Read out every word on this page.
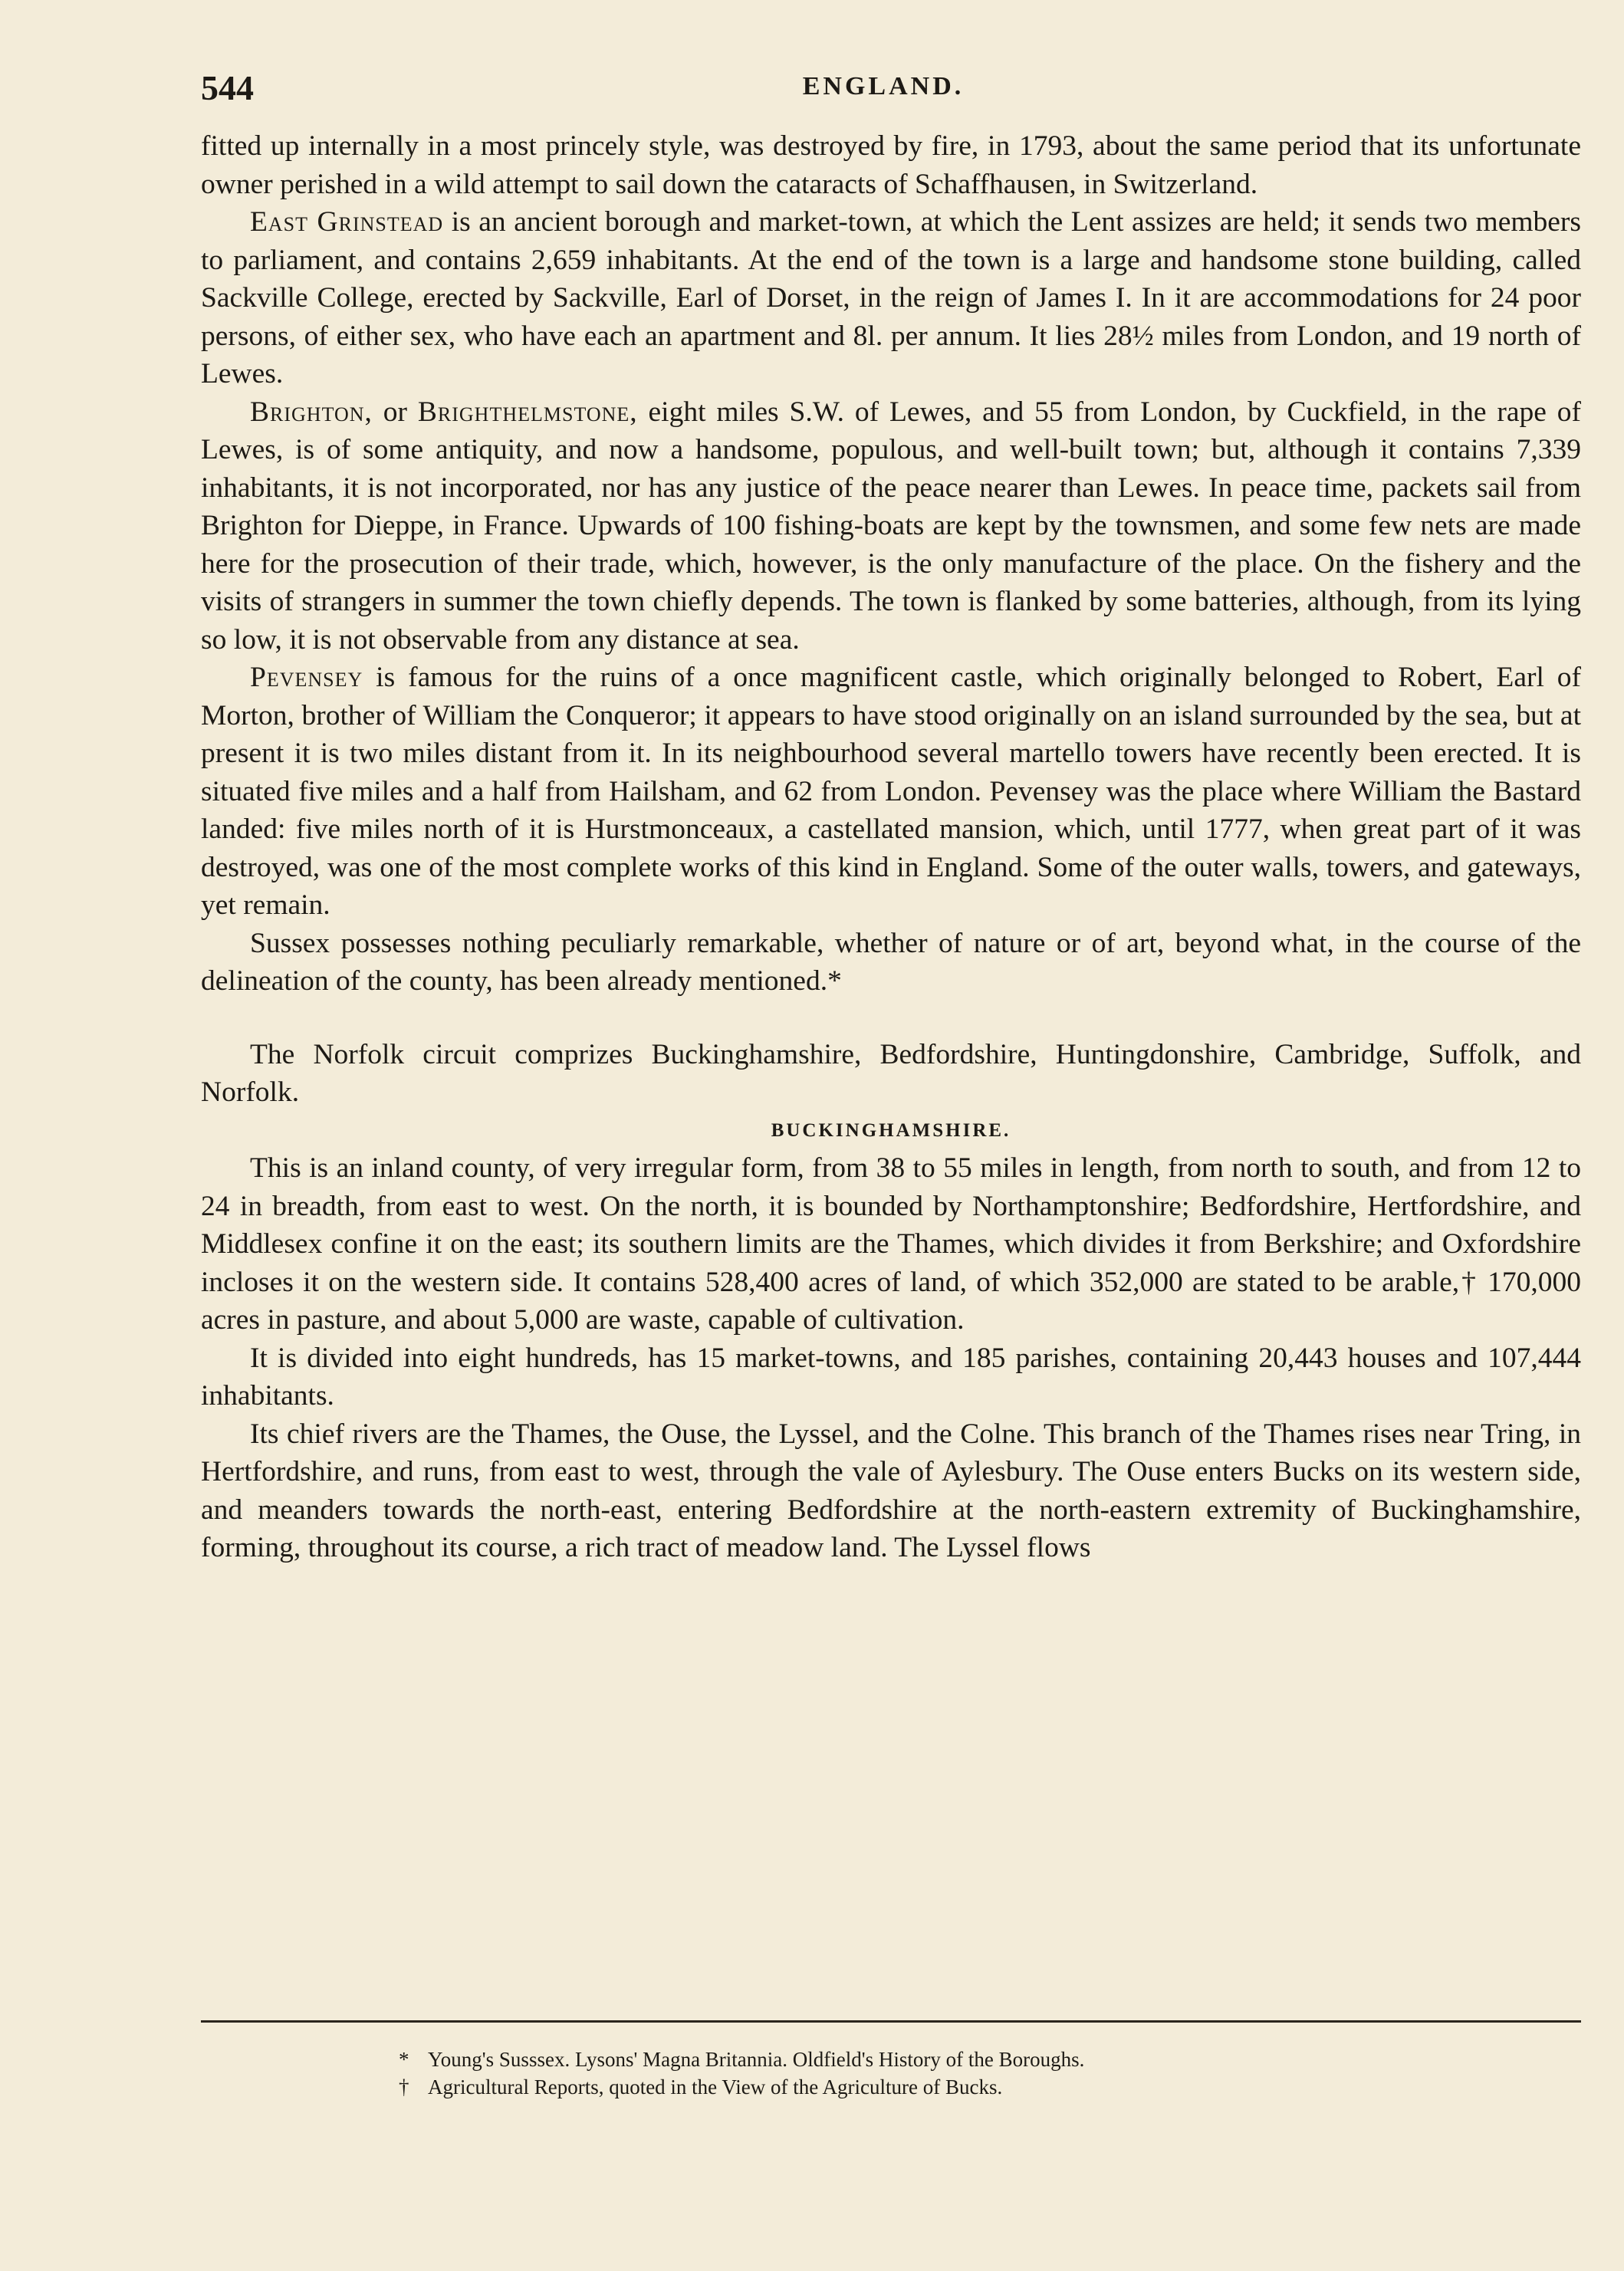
544	ENGLAND.

fitted up internally in a most princely style, was destroyed by fire, in 1793, about the same period that its unfortunate owner perished in a wild attempt to sail down the cataracts of Schaffhausen, in Switzerland.

East Grinstead is an ancient borough and market-town, at which the Lent assizes are held; it sends two members to parliament, and contains 2,659 inhabitants. At the end of the town is a large and handsome stone building, called Sackville College, erected by Sackville, Earl of Dorset, in the reign of James I. In it are accommodations for 24 poor persons, of either sex, who have each an apartment and 8l. per annum. It lies 28½ miles from London, and 19 north of Lewes.

Brighton, or Brighthelmstone, eight miles S.W. of Lewes, and 55 from London, by Cuckfield, in the rape of Lewes, is of some antiquity, and now a handsome, populous, and well-built town; but, although it contains 7,339 inhabitants, it is not incorporated, nor has any justice of the peace nearer than Lewes. In peace time, packets sail from Brighton for Dieppe, in France. Upwards of 100 fishing-boats are kept by the townsmen, and some few nets are made here for the prosecution of their trade, which, however, is the only manufacture of the place. On the fishery and the visits of strangers in summer the town chiefly depends. The town is flanked by some batteries, although, from its lying so low, it is not observable from any distance at sea.

Pevensey is famous for the ruins of a once magnificent castle, which originally belonged to Robert, Earl of Morton, brother of William the Conqueror; it appears to have stood originally on an island surrounded by the sea, but at present it is two miles distant from it. In its neighbourhood several martello towers have recently been erected. It is situated five miles and a half from Hailsham, and 62 from London. Pevensey was the place where William the Bastard landed: five miles north of it is Hurstmonceaux, a castellated mansion, which, until 1777, when great part of it was destroyed, was one of the most complete works of this kind in England. Some of the outer walls, towers, and gateways, yet remain.

Sussex possesses nothing peculiarly remarkable, whether of nature or of art, beyond what, in the course of the delineation of the county, has been already mentioned.*

The Norfolk circuit comprizes Buckinghamshire, Bedfordshire, Huntingdonshire, Cambridge, Suffolk, and Norfolk.

BUCKINGHAMSHIRE.

This is an inland county, of very irregular form, from 38 to 55 miles in length, from north to south, and from 12 to 24 in breadth, from east to west. On the north, it is bounded by Northamptonshire; Bedfordshire, Hertfordshire, and Middlesex confine it on the east; its southern limits are the Thames, which divides it from Berkshire; and Oxfordshire incloses it on the western side. It contains 528,400 acres of land, of which 352,000 are stated to be arable,† 170,000 acres in pasture, and about 5,000 are waste, capable of cultivation.

It is divided into eight hundreds, has 15 market-towns, and 185 parishes, containing 20,443 houses and 107,444 inhabitants.

Its chief rivers are the Thames, the Ouse, the Lyssel, and the Colne. This branch of the Thames rises near Tring, in Hertfordshire, and runs, from east to west, through the vale of Aylesbury. The Ouse enters Bucks on its western side, and meanders towards the north-east, entering Bedfordshire at the north-eastern extremity of Buckinghamshire, forming, throughout its course, a rich tract of meadow land. The Lyssel flows

* Young's Susssex. Lysons' Magna Britannia. Oldfield's History of the Boroughs.

† Agricultural Reports, quoted in the View of the Agriculture of Bucks.
